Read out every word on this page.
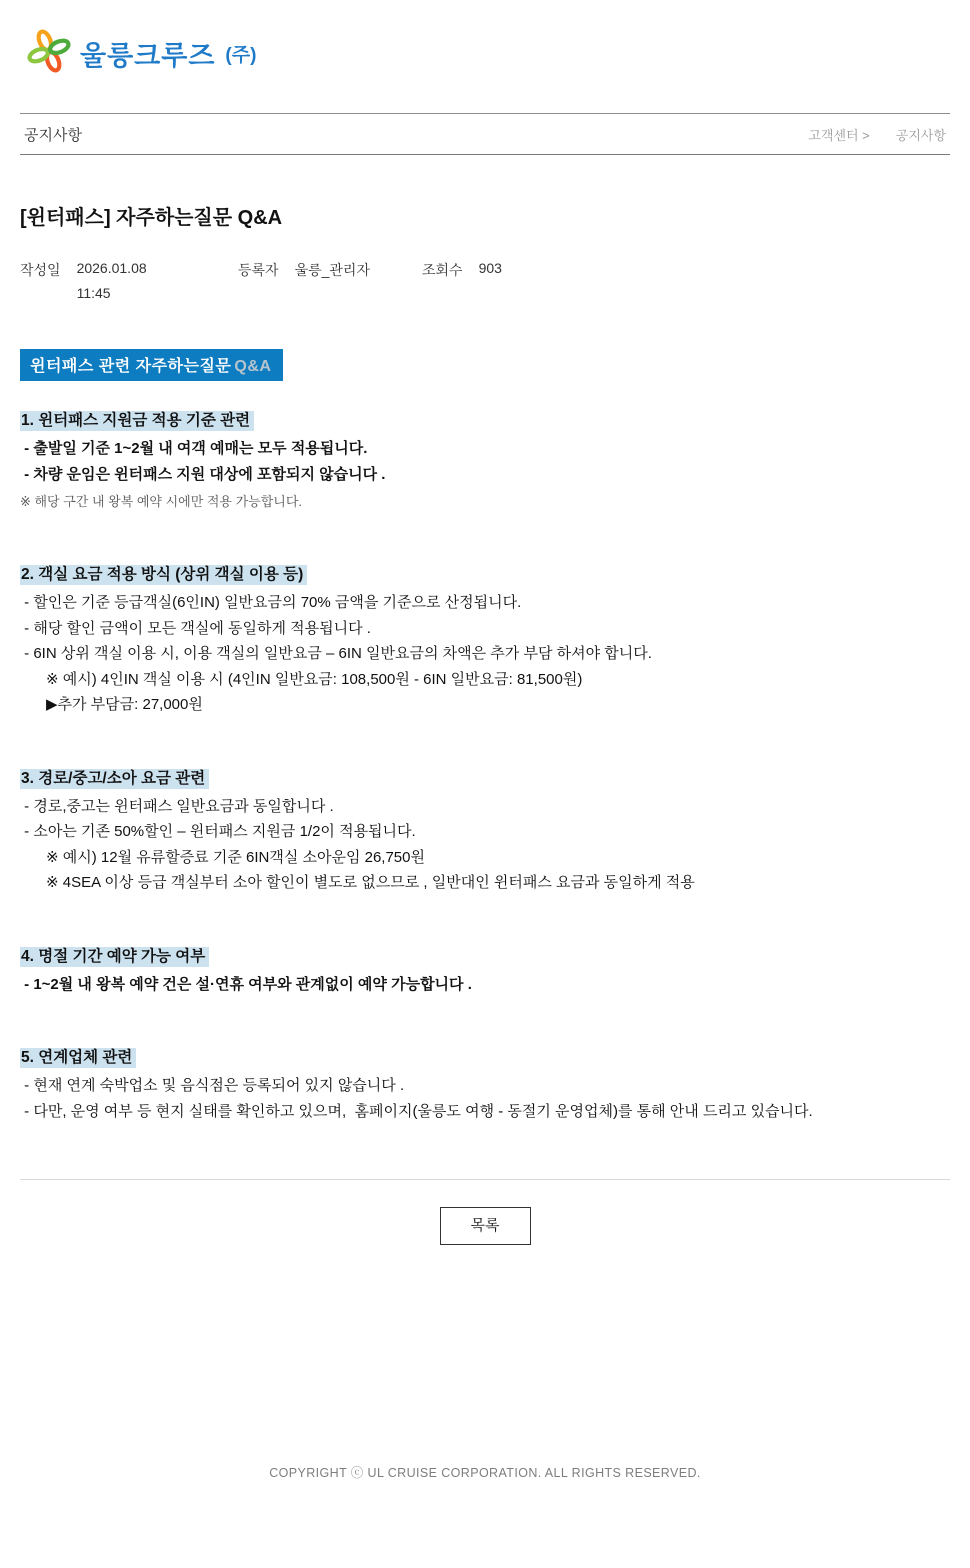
울릉크루즈 (주)
공지사항	고객센터 > 공지사항
[윈터패스] 자주하는질문 Q&A
작성일 2026.01.08
11:45
등록자 울릉_관리자	조회수 903
윈터패스 관련 자주하는질문 Q&A
1. 윈터패스 지원금 적용 기준 관련
- 출발일 기준 1~2월 내 여객 예매는 모두 적용됩니다.
- 차량 운임은 윈터패스 지원 대상에 포함되지 않습니다 .
※ 해당 구간 내 왕복 예약 시에만 적용 가능합니다.
2. 객실 요금 적용 방식 (상위 객실 이용 등)
- 할인은 기준 등급객실(6인IN) 일반요금의 70% 금액을 기준으로 산정됩니다.
- 해당 할인 금액이 모든 객실에 동일하게 적용됩니다 .
- 6IN 상위 객실 이용 시, 이용 객실의 일반요금 – 6IN 일반요금의 차액은 추가 부담 하셔야 합니다.
※ 예시) 4인IN 객실 이용 시 (4인IN 일반요금: 108,500원 - 6IN 일반요금: 81,500원)
▶추가 부담금: 27,000원
3. 경로/중고/소아 요금 관련
- 경로,중고는 윈터패스 일반요금과 동일합니다 .
- 소아는 기존 50%할인 – 윈터패스 지원금 1/2이 적용됩니다.
※ 예시) 12월 유류할증료 기준 6IN객실 소아운임 26,750원
※ 4SEA 이상 등급 객실부터 소아 할인이 별도로 없으므로 , 일반대인 윈터패스 요금과 동일하게 적용
4. 명절 기간 예약 가능 여부
- 1~2월 내 왕복 예약 건은 설·연휴 여부와 관계없이 예약 가능합니다 .
5. 연계업체 관련
- 현재 연계 숙박업소 및 음식점은 등록되어 있지 않습니다 .
- 다만, 운영 여부 등 현지 실태를 확인하고 있으며,  홈페이지(울릉도 여행 - 동절기 운영업체)를 통해 안내 드리고 있습니다.
목록
COPYRIGHT ⓒ UL CRUISE CORPORATION. ALL RIGHTS RESERVED.
